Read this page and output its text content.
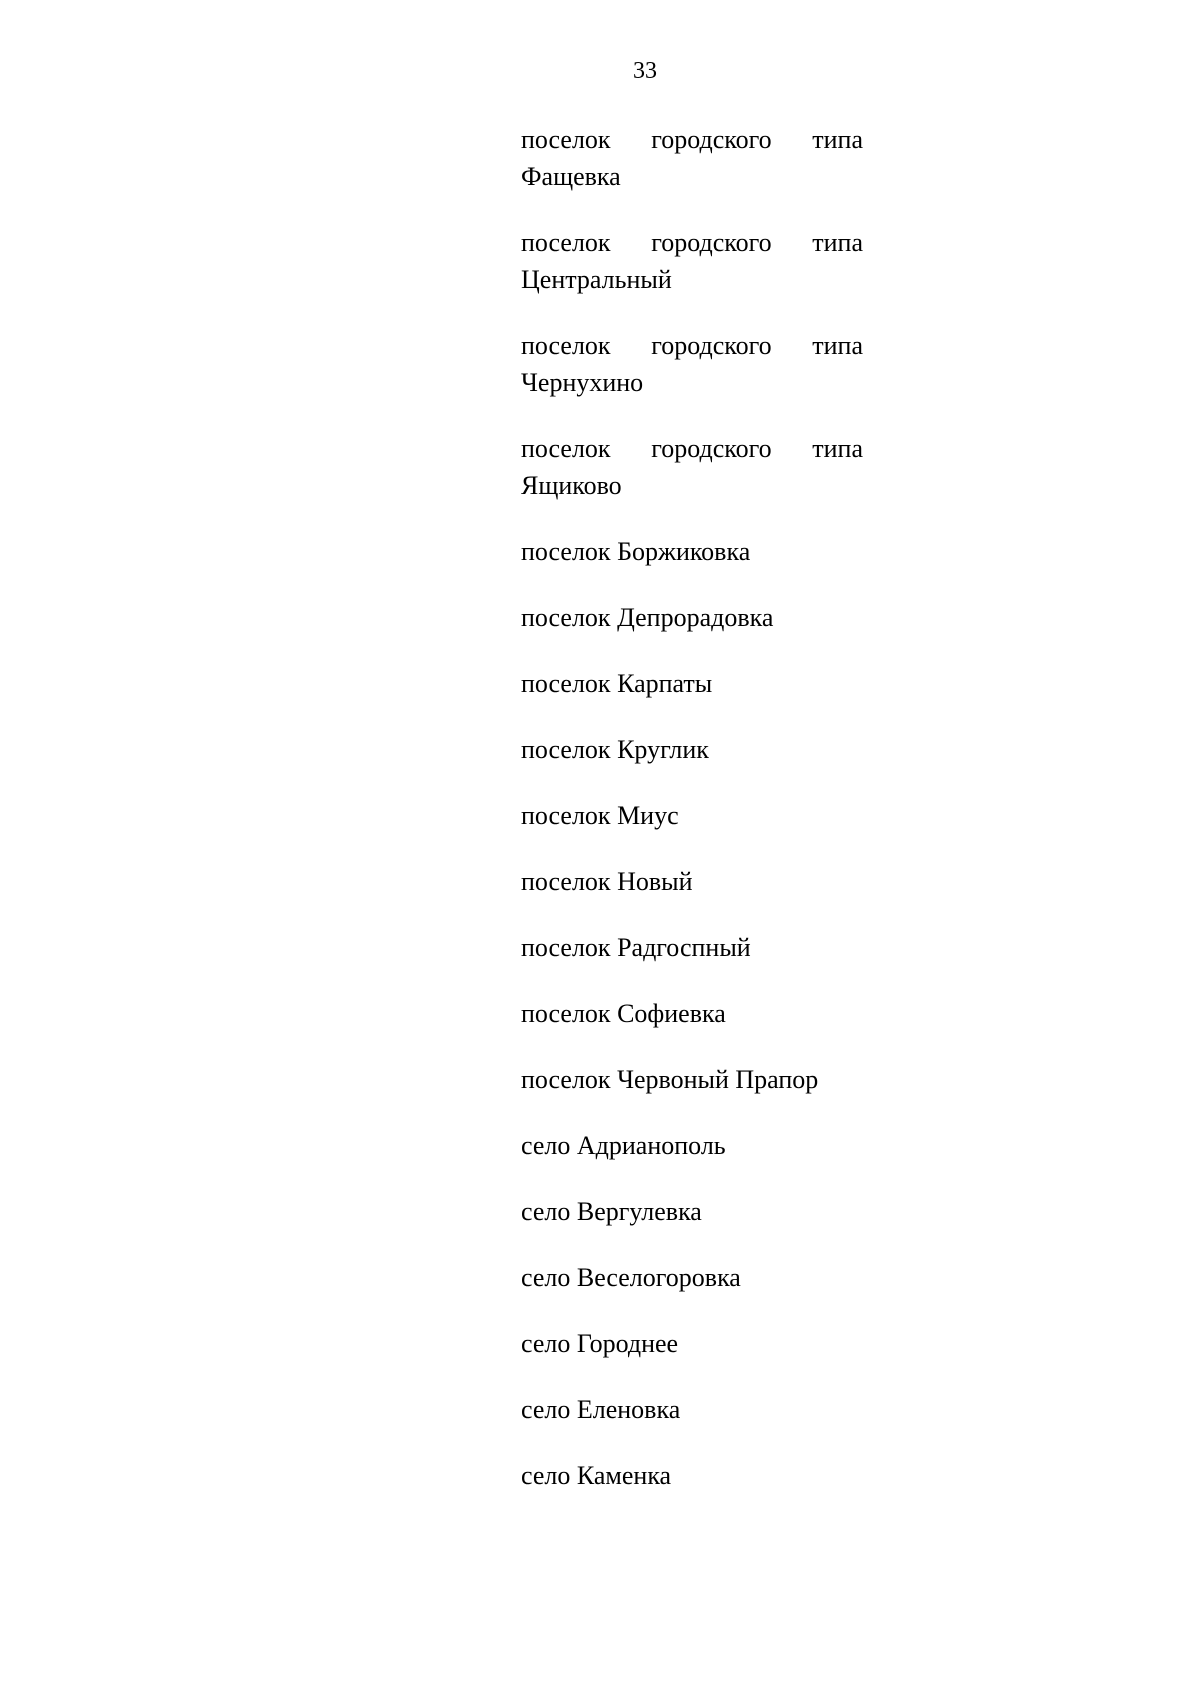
33
поселок городского типа
Фащевка
поселок городского типа
Центральный
поселок городского типа
Чернухино
поселок городского типа
Ящиково
поселок Боржиковка
поселок Депрорадовка
поселок Карпаты
поселок Круглик
поселок Миус
поселок Новый
поселок Радгоспный
поселок Софиевка
поселок Червоный Прапор
село Адрианополь
село Вергулевка
село Веселогоровка
село Городнее
село Еленовка
село Каменка
